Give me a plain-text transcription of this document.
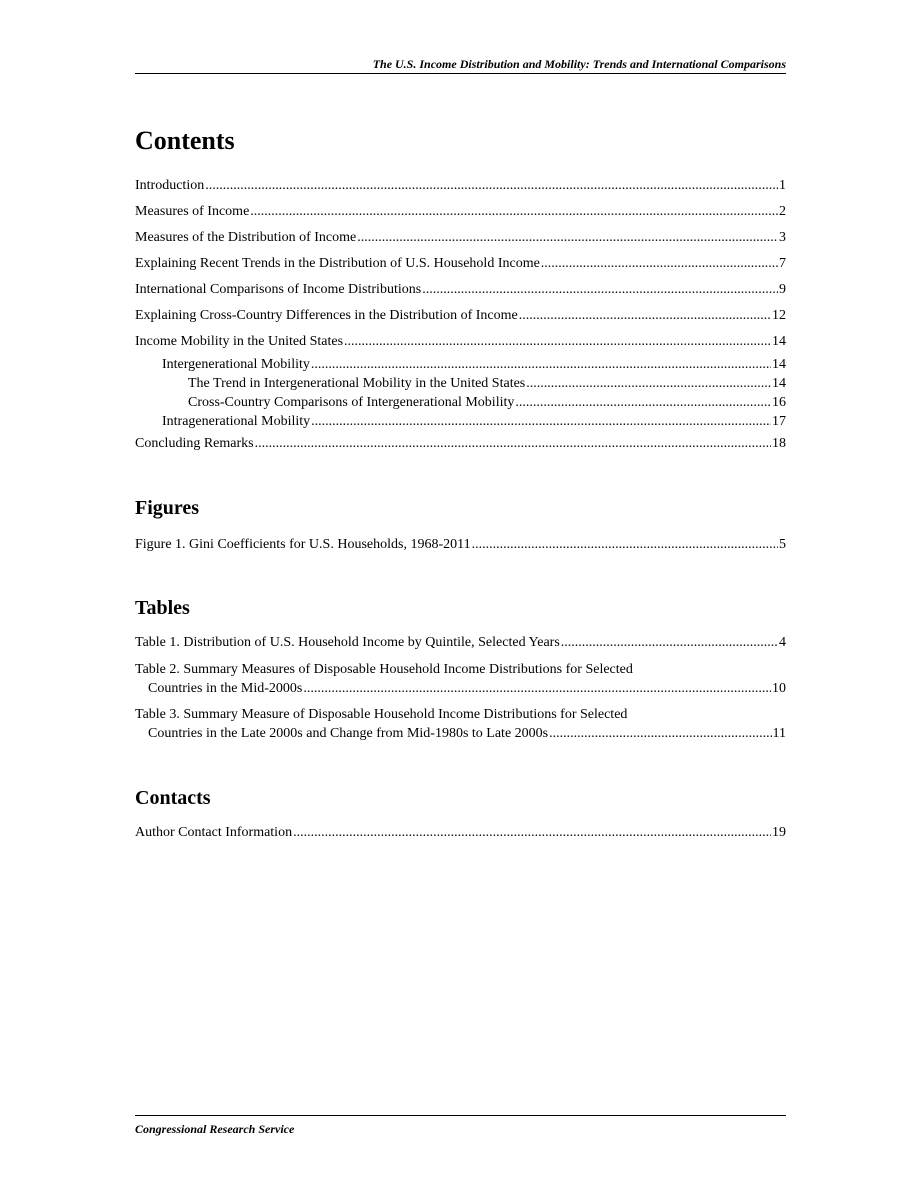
The U.S. Income Distribution and Mobility: Trends and International Comparisons
Contents
Introduction .....	1
Measures of Income .....	2
Measures of the Distribution of Income .....	3
Explaining Recent Trends in the Distribution of U.S. Household Income .....	7
International Comparisons of Income Distributions .....	9
Explaining Cross-Country Differences in the Distribution of Income .....	12
Income Mobility in the United States .....	14
Intergenerational Mobility .....	14
The Trend in Intergenerational Mobility in the United States .....	14
Cross-Country Comparisons of Intergenerational Mobility .....	16
Intragenerational Mobility .....	17
Concluding Remarks .....	18
Figures
Figure 1. Gini Coefficients for U.S. Households, 1968-2011 .....	5
Tables
Table 1. Distribution of U.S. Household Income by Quintile, Selected Years .....	4
Table 2. Summary Measures of Disposable Household Income Distributions for Selected
Countries in the Mid-2000s .....	10
Table 3. Summary Measure of Disposable Household Income Distributions for Selected
Countries in the Late 2000s and Change from Mid-1980s to Late 2000s .....	11
Contacts
Author Contact Information .....	19
Congressional Research Service
